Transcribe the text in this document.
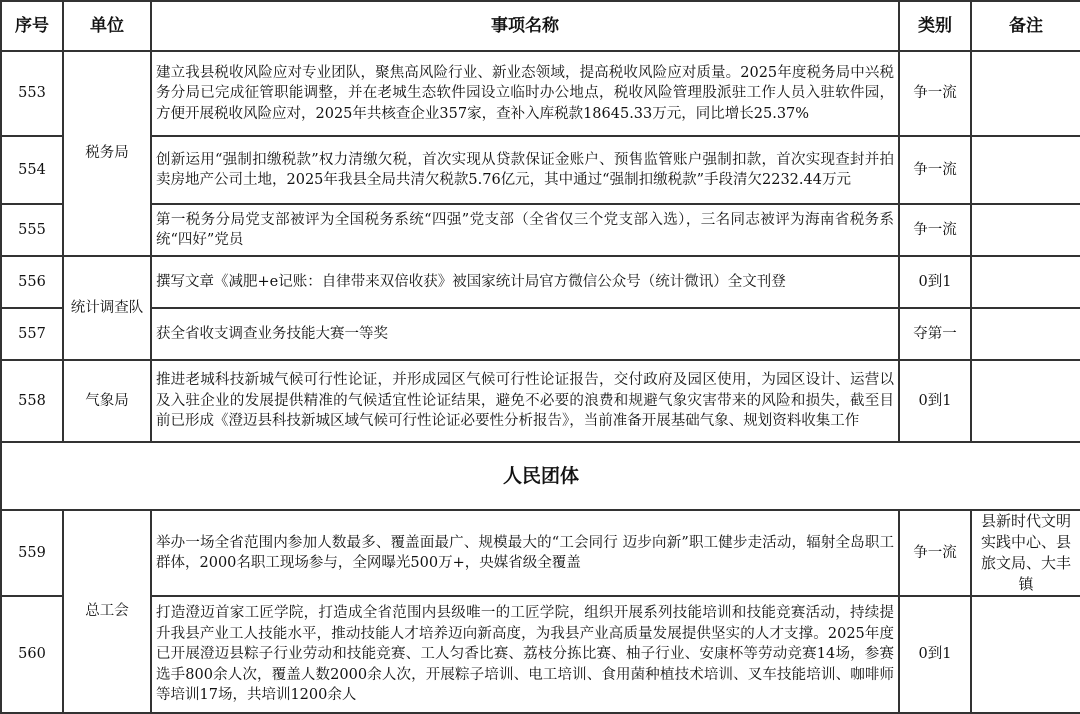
序号	单位	事项名称	类别	备注
553	税务局	建立我县税收风险应对专业团队，聚焦高风险行业、新业态领域，提高税收风险应对质量。2025年度税务局中兴税务分局已完成征管职能调整，并在老城生态软件园设立临时办公地点，税收风险管理股派驻工作人员入驻软件园，方便开展税收风险应对，2025年共核查企业357家，查补入库税款18645.33万元，同比增长25.37%	争一流	
554		创新运用“强制扣缴税款”权力清缴欠税，首次实现从贷款保证金账户、预售监管账户强制扣款，首次实现查封并拍卖房地产公司土地，2025年我县全局共清欠税款5.76亿元，其中通过“强制扣缴税款”手段清欠2232.44万元	争一流	
555		第一税务分局党支部被评为全国税务系统“四强”党支部（全省仅三个党支部入选），三名同志被评为海南省税务系统“四好”党员	争一流	
556	统计调查队	撰写文章《减肥+e记账：自律带来双倍收获》被国家统计局官方微信公众号（统计微讯）全文刊登	0到1	
557		获全省收支调查业务技能大赛一等奖	夺第一	
558	气象局	推进老城科技新城气候可行性论证，并形成园区气候可行性论证报告，交付政府及园区使用，为园区设计、运营以及入驻企业的发展提供精准的气候适宜性论证结果，避免不必要的浪费和规避气象灾害带来的风险和损失，截至目前已形成《澄迈县科技新城区域气候可行性论证必要性分析报告》，当前准备开展基础气象、规划资料收集工作	0到1	
人民团体				
559	总工会	举办一场全省范围内参加人数最多、覆盖面最广、规模最大的“工会同行 迈步向新”职工健步走活动，辐射全岛职工群体，2000名职工现场参与，全网曝光500万+，央媒省级全覆盖	争一流	县新时代文明实践中心、县旅文局、大丰镇
560		打造澄迈首家工匠学院，打造成全省范围内县级唯一的工匠学院，组织开展系列技能培训和技能竞赛活动，持续提升我县产业工人技能水平，推动技能人才培养迈向新高度，为我县产业高质量发展提供坚实的人才支撑。2025年度已开展澄迈县粽子行业劳动和技能竞赛、工人匀香比赛、荔枝分拣比赛、柚子行业、安康杯等劳动竞赛14场，参赛选手800余人次，覆盖人数2000余人次，开展粽子培训、电工培训、食用菌种植技术培训、叉车技能培训、咖啡师等培训17场，共培训1200余人	0到1	
